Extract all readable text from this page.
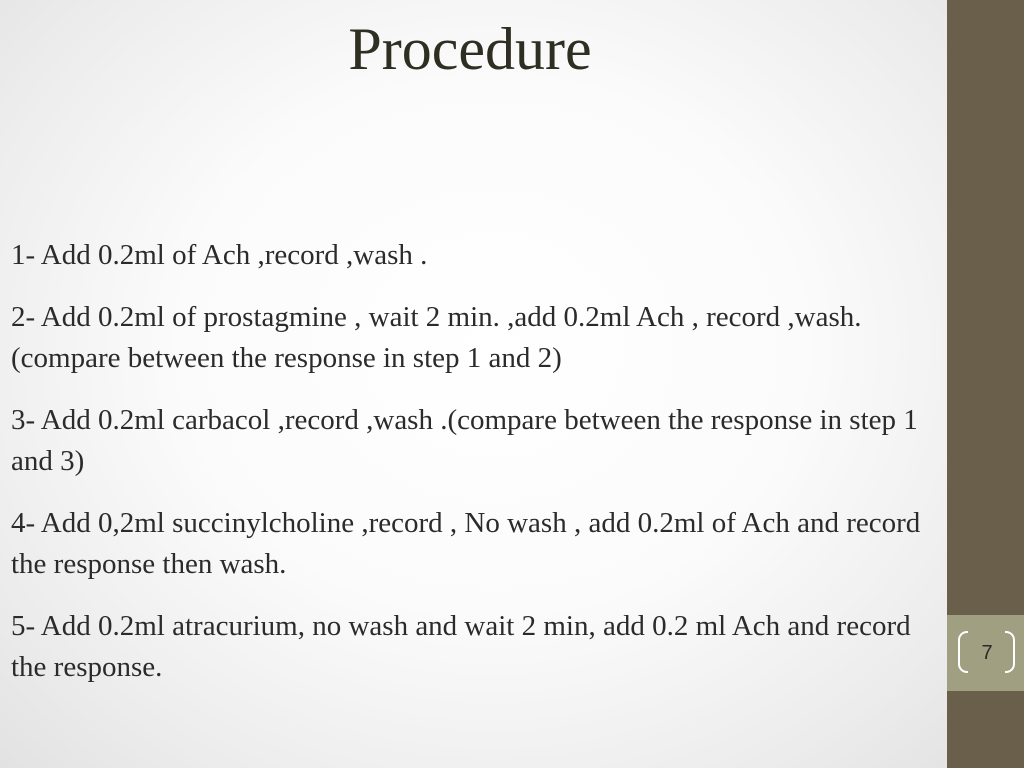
Procedure
1- Add 0.2ml of Ach ,record ,wash .
2- Add 0.2ml of prostagmine , wait 2 min. ,add 0.2ml Ach , record ,wash. (compare between the response in step 1 and 2)
3- Add 0.2ml carbacol ,record ,wash .(compare between the response in step 1 and 3)
4- Add 0,2ml succinylcholine ,record , No wash , add 0.2ml of Ach and record the response then wash.
5- Add 0.2ml atracurium, no wash and wait 2 min, add 0.2 ml Ach and record the response.	7
